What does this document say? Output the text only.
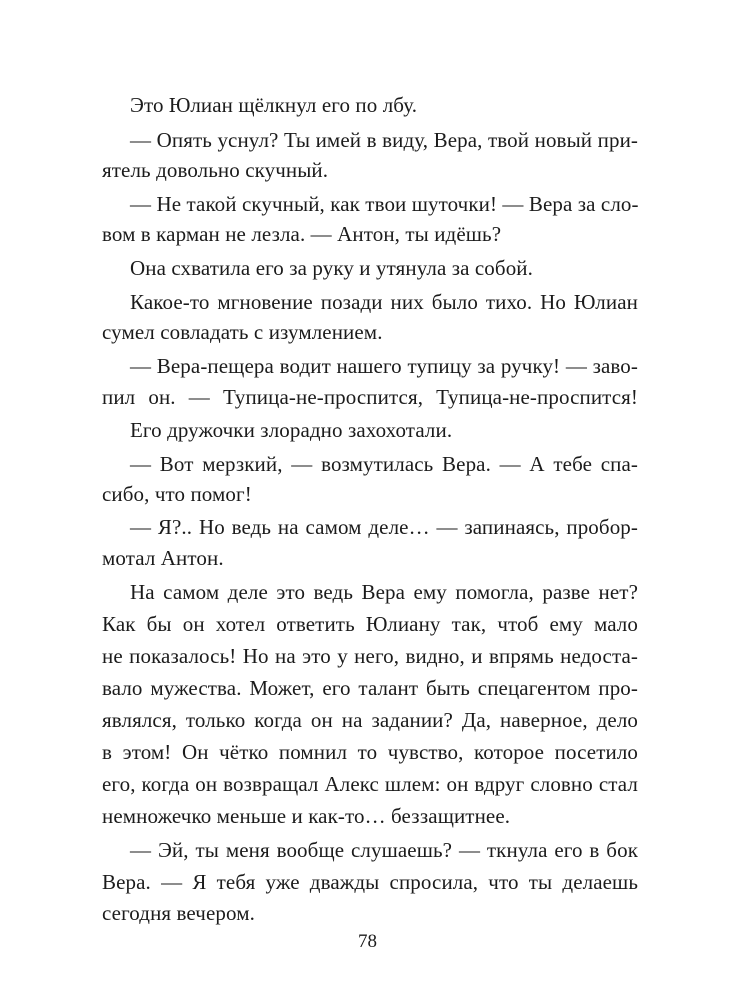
Это Юлиан щёлкнул его по лбу.

— Опять уснул? Ты имей в виду, Вера, твой новый при-

ятель довольно скучный.

— Не такой скучный, как твои шуточки! — Вера за сло-

вом в карман не лезла. — Антон, ты идёшь?

Она схватила его за руку и утянула за собой.

Какое-то мгновение позади них было тихо. Но Юлиан

сумел совладать с изумлением.

— Вера-пещера водит нашего тупицу за ручку! — заво-

пил он. — Тупица-не-проспится, Тупица-не-проспится!

Его дружочки злорадно захохотали.

— Вот мерзкий, — возмутилась Вера. — А тебе спа-

сибо, что помог!

— Я?.. Но ведь на самом деле… — запинаясь, пробор-

мотал Антон.

На самом деле это ведь Вера ему помогла, разве нет?

Как бы он хотел ответить Юлиану так, чтоб ему мало

не показалось! Но на это у него, видно, и впрямь недоста-

вало мужества. Может, его талант быть спецагентом про-

являлся, только когда он на задании? Да, наверное, дело

в этом! Он чётко помнил то чувство, которое посетило

его, когда он возвращал Алекс шлем: он вдруг словно стал

немножечко меньше и как-то… беззащитнее.

— Эй, ты меня вообще слушаешь? — ткнула его в бок

Вера. — Я тебя уже дважды спросила, что ты делаешь

сегодня вечером.

78
